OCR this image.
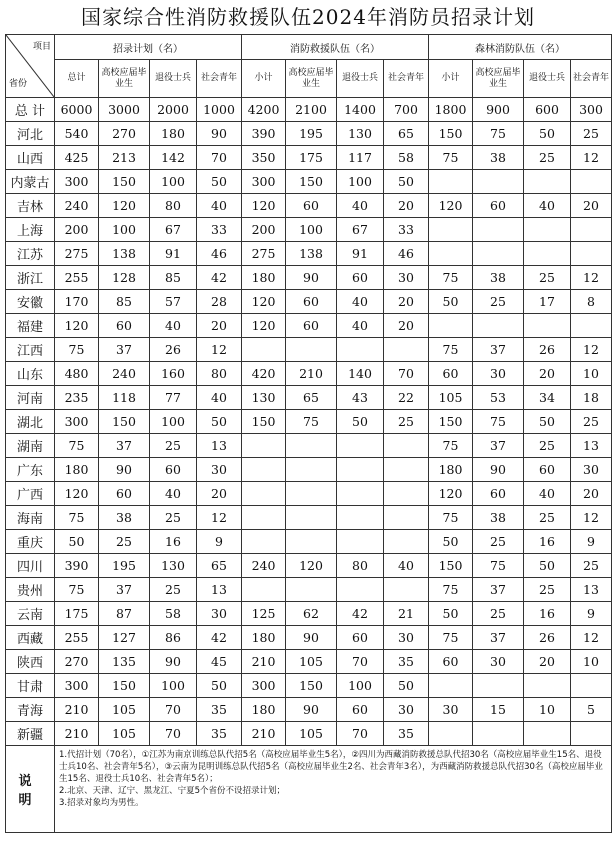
国家综合性消防救援队伍2024年消防员招录计划
项目
省份	招录计划（名）				消防救援队伍（名）				森林消防队伍（名）			
	总计	高校应届毕业生	退役士兵	社会青年	小计	高校应届毕业生	退役士兵	社会青年	小计	高校应届毕业生	退役士兵	社会青年
总 计	6000	3000	2000	1000	4200	2100	1400	700	1800	900	600	300
河北	540	270	180	90	390	195	130	65	150	75	50	25
山西	425	213	142	70	350	175	117	58	75	38	25	12
内蒙古	300	150	100	50	300	150	100	50				
吉林	240	120	80	40	120	60	40	20	120	60	40	20
上海	200	100	67	33	200	100	67	33				
江苏	275	138	91	46	275	138	91	46				
浙江	255	128	85	42	180	90	60	30	75	38	25	12
安徽	170	85	57	28	120	60	40	20	50	25	17	8
福建	120	60	40	20	120	60	40	20				
江西	75	37	26	12					75	37	26	12
山东	480	240	160	80	420	210	140	70	60	30	20	10
河南	235	118	77	40	130	65	43	22	105	53	34	18
湖北	300	150	100	50	150	75	50	25	150	75	50	25
湖南	75	37	25	13					75	37	25	13
广东	180	90	60	30					180	90	60	30
广西	120	60	40	20					120	60	40	20
海南	75	38	25	12					75	38	25	12
重庆	50	25	16	9					50	25	16	9
四川	390	195	130	65	240	120	80	40	150	75	50	25
贵州	75	37	25	13					75	37	25	13
云南	175	87	58	30	125	62	42	21	50	25	16	9
西藏	255	127	86	42	180	90	60	30	75	37	26	12
陕西	270	135	90	45	210	105	70	35	60	30	20	10
甘肃	300	150	100	50	300	150	100	50				
青海	210	105	70	35	180	90	60	30	30	15	10	5
新疆	210	105	70	35	210	105	70	35				
说 明	1.代招计划（70名），①江苏为南京训练总队代招5名（高校应届毕业生5名），②四川为西藏消防救援总队代招30名（高校应届毕业生15名、退役士兵10名、社会青年5名），③云南为昆明训练总队代招5名（高校应届毕业生2名、社会青年3名），为西藏消防救援总队代招30名（高校应届毕业生15名、退役士兵10名、社会青年5名）；
2.北京、天津、辽宁、黑龙江、宁夏5个省份不设招录计划；
3.招录对象均为男性。											
